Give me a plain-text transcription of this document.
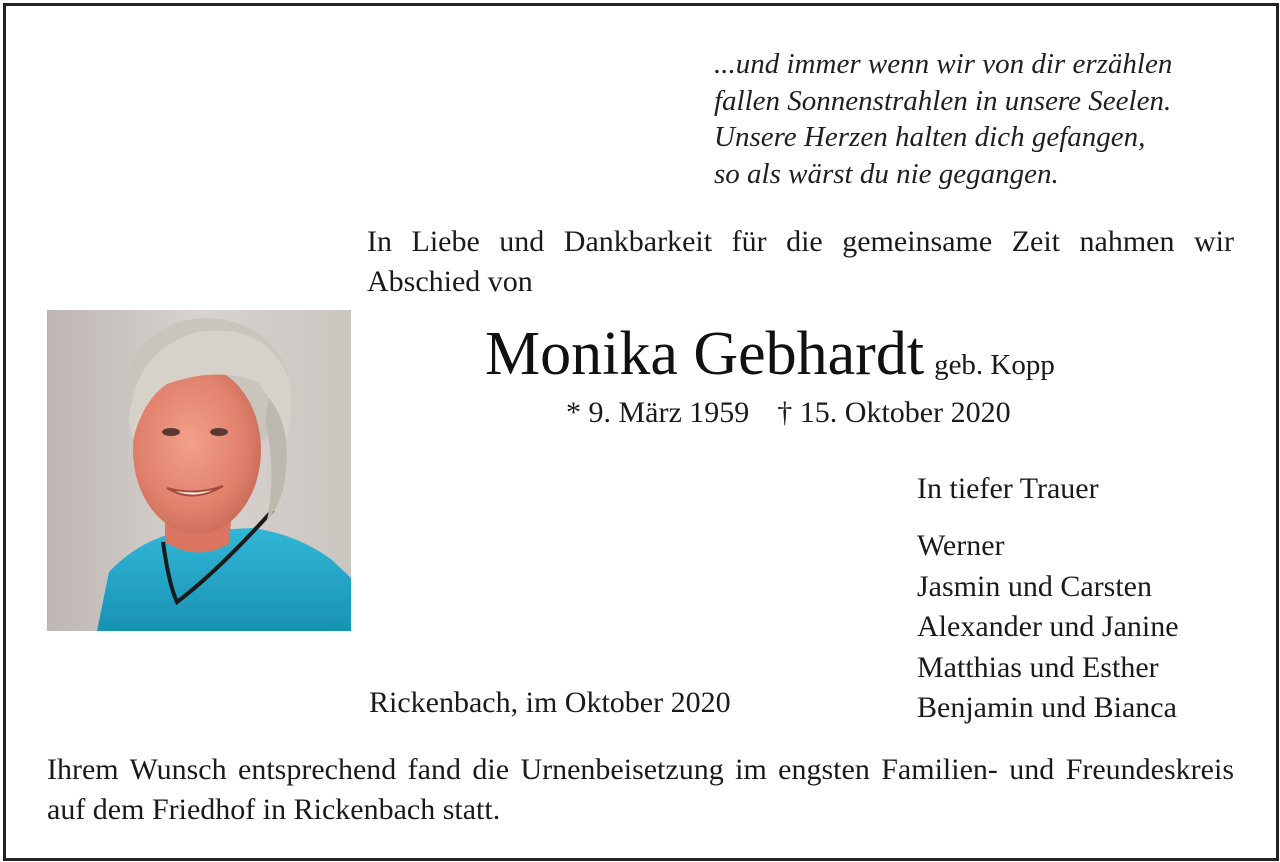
...und immer wenn wir von dir erzählen
fallen Sonnenstrahlen in unsere Seelen.
Unsere Herzen halten dich gefangen,
so als wärst du nie gegangen.
In Liebe und Dankbarkeit für die gemeinsame Zeit nahmen wir Abschied von
Monika Gebhardt geb. Kopp
* 9. März 1959 † 15. Oktober 2020
In tiefer Trauer
Werner
Jasmin und Carsten
Alexander und Janine
Matthias und Esther
Benjamin und Bianca
Rickenbach, im Oktober 2020
Ihrem Wunsch entsprechend fand die Urnenbeisetzung im engsten Familien- und Freundeskreis auf dem Friedhof in Rickenbach statt.
